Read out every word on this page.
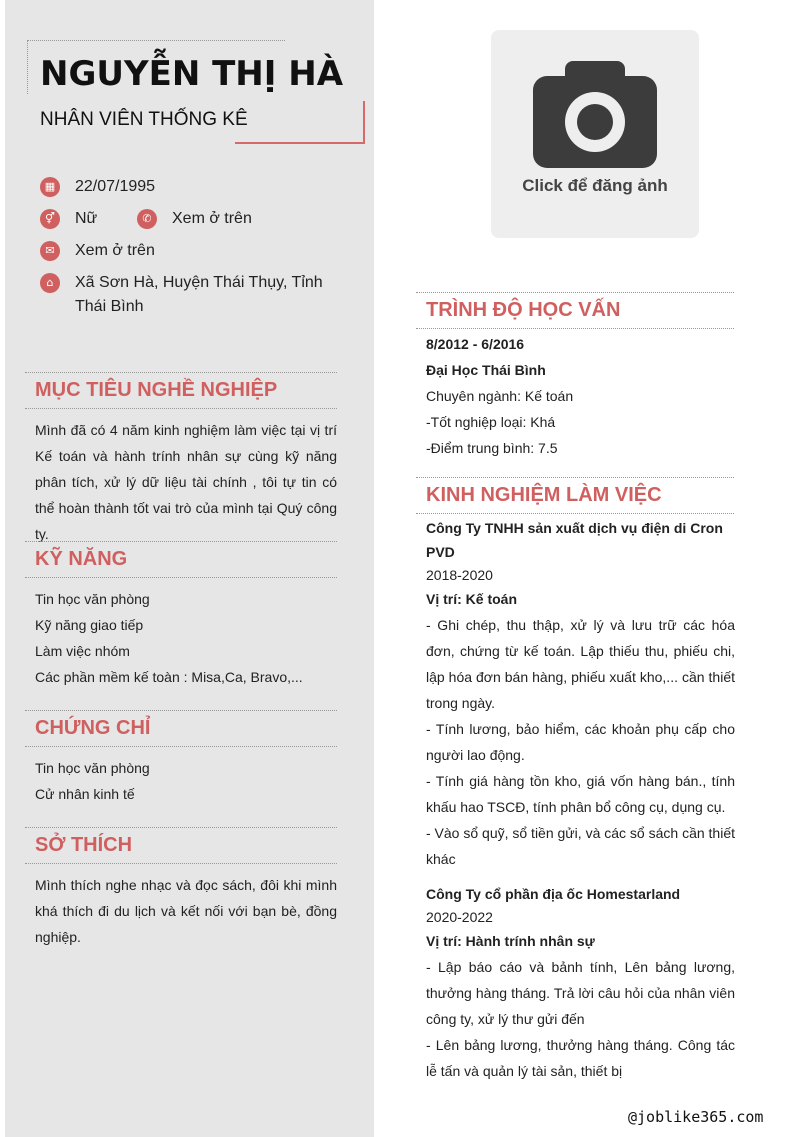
NGUYỄN THỊ HÀ
NHÂN VIÊN THỐNG KÊ
▦ 22/07/1995
⚥	Nữ	✆	Xem ở trên
✉	Xem ở trên
⌂	Xã Sơn Hà, Huyện Thái Thụy, Tỉnh Thái Bình
MỤC TIÊU NGHỀ NGHIỆP
Mình đã có 4 năm kinh nghiệm làm việc tại vị trí Kế toán và hành trính nhân sự cùng kỹ năng phân tích, xử lý dữ liệu tài chính , tôi tự tin có thể hoàn thành tốt vai trò của mình tại Quý công ty.
KỸ NĂNG
Tin học văn phòng
Kỹ năng giao tiếp
Làm việc nhóm
Các phần mềm kế toàn : Misa,Ca, Bravo,...
CHỨNG CHỈ
Tin học văn phòng
Cử nhân kinh tế
SỞ THÍCH
Mình thích nghe nhạc và đọc sách, đôi khi mình khá thích đi du lịch và kết nối với bạn bè, đồng nghiệp.
Click để đăng ảnh
TRÌNH ĐỘ HỌC VẤN
8/2012 - 6/2016
Đại Học Thái Bình
Chuyên ngành: Kế toán
-Tốt nghiệp loại: Khá
-Điểm trung bình: 7.5
KINH NGHIỆM LÀM VIỆC
Công Ty TNHH sản xuất dịch vụ điện di Cron PVD
2018-2020
Vị trí: Kế toán
- Ghi chép, thu thập, xử lý và lưu trữ các hóa đơn, chứng từ kế toán. Lập thiếu thu, phiếu chi, lập hóa đơn bán hàng, phiếu xuất kho,... cần thiết trong ngày.
- Tính lương, bảo hiểm, các khoản phụ cấp cho người lao động.
- Tính giá hàng tồn kho, giá vốn hàng bán., tính khấu hao TSCĐ, tính phân bổ công cụ, dụng cụ.
- Vào sổ quỹ, sổ tiền gửi, và các sổ sách cần thiết khác
Công Ty cổ phần địa ốc Homestarland
2020-2022
Vị trí: Hành trính nhân sự
- Lập báo cáo và bảnh tính, Lên bảng lương, thưởng hàng tháng. Trả lời câu hỏi của nhân viên công ty, xử lý thư gửi đến
- Lên bảng lương, thưởng hàng tháng. Công tác lễ tấn và quản lý tài sản, thiết bị
@joblike365.com
